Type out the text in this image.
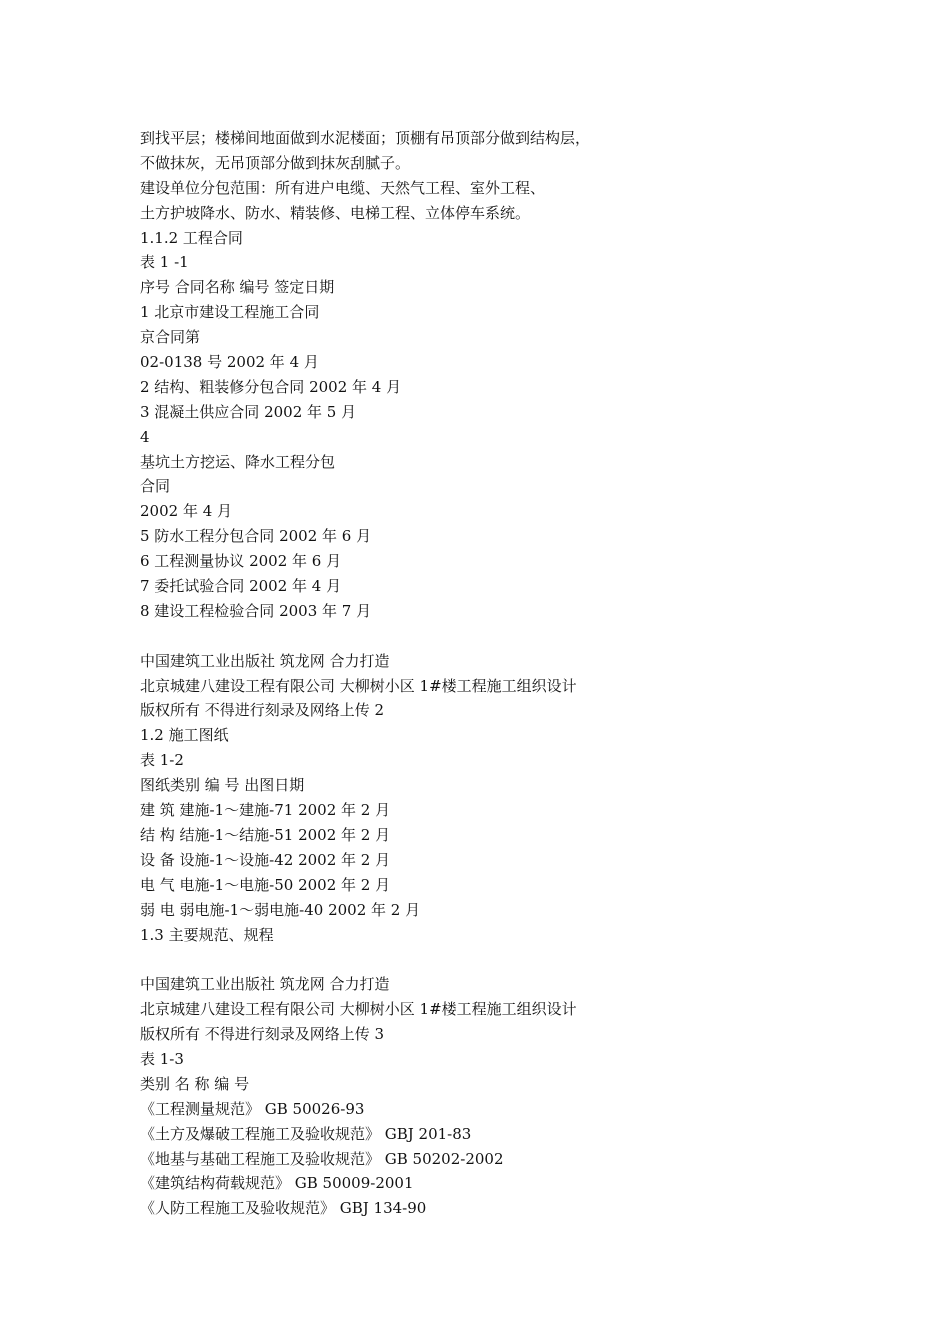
到找平层；楼梯间地面做到水泥楼面；顶棚有吊顶部分做到结构层，
不做抹灰，无吊顶部分做到抹灰刮腻子。
建设单位分包范围：所有进户电缆、天然气工程、室外工程、
土方护坡降水、防水、精装修、电梯工程、立体停车系统。
1.1.2 工程合同
表 1 -1
序号 合同名称 编号 签定日期
1 北京市建设工程施工合同
京合同第
02-0138 号 2002 年 4 月
2 结构、粗装修分包合同 2002 年 4 月
3 混凝土供应合同 2002 年 5 月
4
基坑土方挖运、降水工程分包
合同
2002 年 4 月
5 防水工程分包合同 2002 年 6 月
6 工程测量协议 2002 年 6 月
7 委托试验合同 2002 年 4 月
8 建设工程检验合同 2003 年 7 月
中国建筑工业出版社 筑龙网 合力打造
北京城建八建设工程有限公司 大柳树小区 1#楼工程施工组织设计
版权所有 不得进行刻录及网络上传 2
1.2 施工图纸
表 1-2
图纸类别 编 号 出图日期
建 筑 建施-1～建施-71 2002 年 2 月
结 构 结施-1～结施-51 2002 年 2 月
设 备 设施-1～设施-42 2002 年 2 月
电 气 电施-1～电施-50 2002 年 2 月
弱 电 弱电施-1～弱电施-40 2002 年 2 月
1.3 主要规范、规程
中国建筑工业出版社 筑龙网 合力打造
北京城建八建设工程有限公司 大柳树小区 1#楼工程施工组织设计
版权所有 不得进行刻录及网络上传 3
表 1-3
类别 名 称 编 号
《工程测量规范》 GB 50026-93
《土方及爆破工程施工及验收规范》 GBJ 201-83
《地基与基础工程施工及验收规范》 GB 50202-2002
《建筑结构荷载规范》 GB 50009-2001
《人防工程施工及验收规范》 GBJ 134-90
